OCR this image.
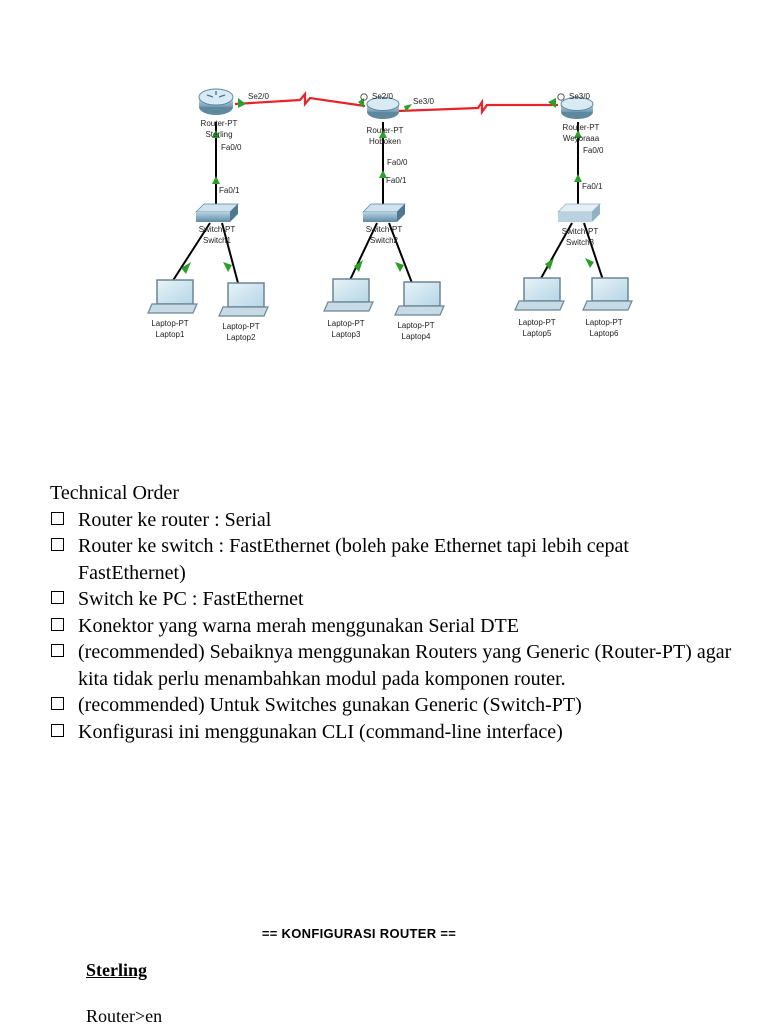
Se2/0	Se2/0
Se3/0
Se3/0
Fa0/0
Fa0/1
Fa0/0
Fa0/1
Fa0/0
Fa0/1
Router-PT
Sterling	Router-PT
Hoboken
Router-PT
Weyoraaa
Switch-PT
Switch1
Switch-PT
Switch2
Switch-PT
Switch3
Laptop-PT
Laptop1
Laptop-PT
Laptop2
Laptop-PT
Laptop3
Laptop-PT
Laptop4
Laptop-PT
Laptop5
Laptop-PT
Laptop6

Technical Order

Router ke router : Serial
Router ke switch : FastEthernet (boleh pake Ethernet tapi lebih cepat FastEthernet)
Switch ke PC : FastEthernet
Konektor yang warna merah menggunakan Serial DTE
(recommended) Sebaiknya menggunakan Routers yang Generic (Router-PT) agar kita tidak perlu menambahkan modul pada komponen router.
(recommended) Untuk Switches gunakan Generic (Switch-PT)
Konfigurasi ini menggunakan CLI (command-line interface)
== KONFIGURASI ROUTER ==
Sterling
Router>en
